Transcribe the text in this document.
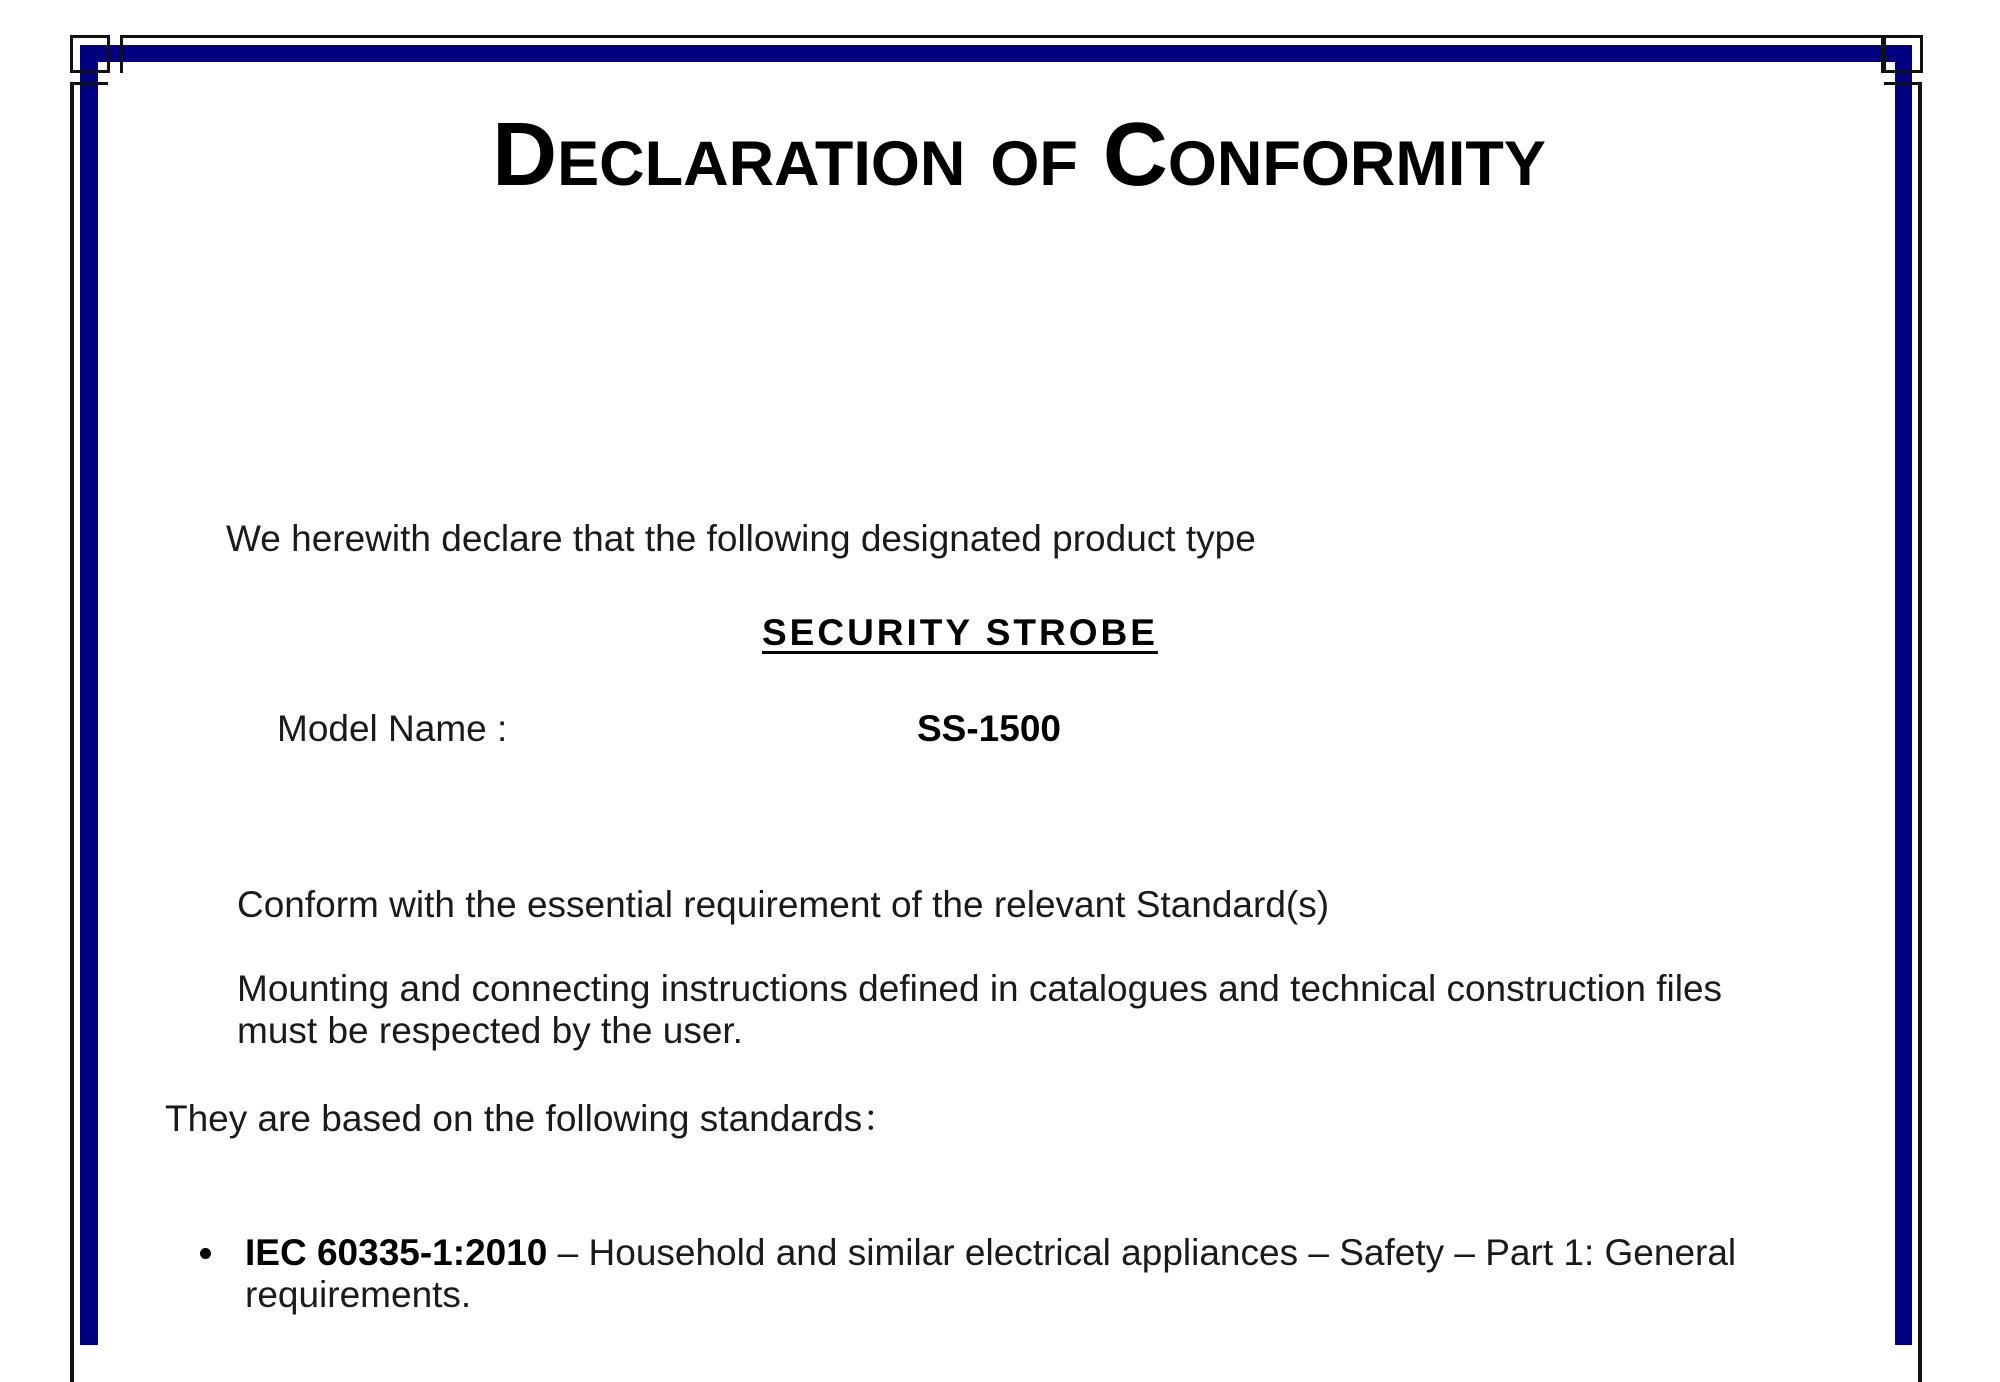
Declaration of Conformity

We herewith declare that the following designated product type

SECURITY STROBE

Model Name :	SS-1500

Conform with the essential requirement of the relevant Standard(s)

Mounting and connecting instructions defined in catalogues and technical construction files must be respected by the user.

They are based on the following standards：

IEC 60335-1:2010 – Household and similar electrical appliances – Safety – Part 1: General requirements.
